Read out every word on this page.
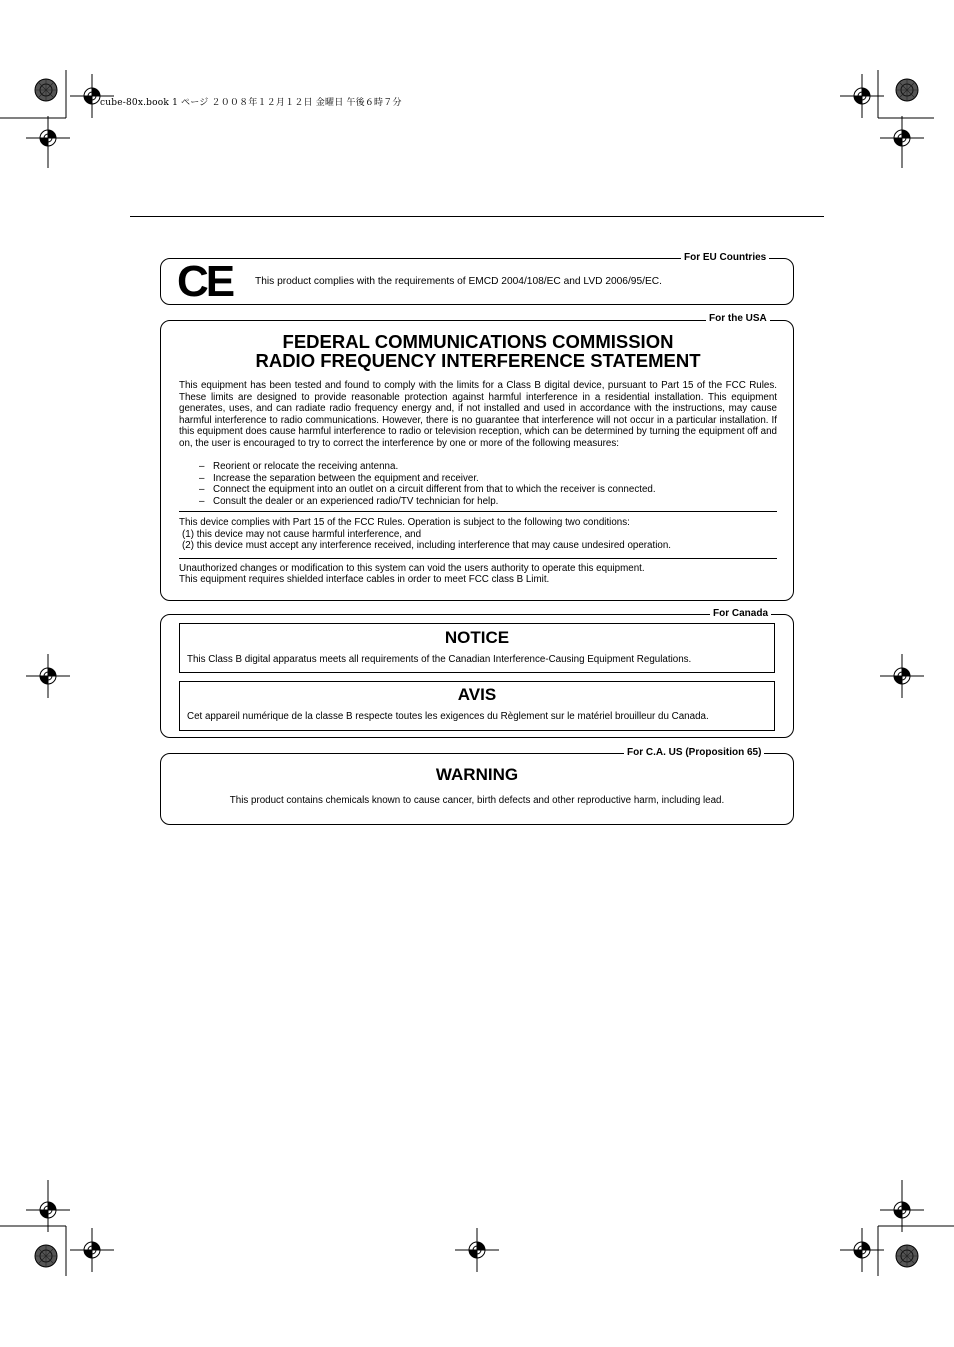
cube-80x.book 1 ページ ２００８年１２月１２日 金曜日 午後６時７分
For EU Countries
CE This product complies with the requirements of EMCD 2004/108/EC and LVD 2006/95/EC.
For the USA
FEDERAL COMMUNICATIONS COMMISSION
RADIO FREQUENCY INTERFERENCE STATEMENT
This equipment has been tested and found to comply with the limits for a Class B digital device, pursuant to Part 15 of the FCC Rules. These limits are designed to provide reasonable protection against harmful interference in a residential installation. This equipment generates, uses, and can radiate radio frequency energy and, if not installed and used in accordance with the instructions, may cause harmful interference to radio communications. However, there is no guarantee that interference will not occur in a particular installation. If this equipment does cause harmful interference to radio or television reception, which can be determined by turning the equipment off and on, the user is encouraged to try to correct the interference by one or more of the following measures:
– Reorient or relocate the receiving antenna.
– Increase the separation between the equipment and receiver.
– Connect the equipment into an outlet on a circuit different from that to which the receiver is connected.
– Consult the dealer or an experienced radio/TV technician for help.
This device complies with Part 15 of the FCC Rules. Operation is subject to the following two conditions:
(1) this device may not cause harmful interference, and
(2) this device must accept any interference received, including interference that may cause undesired operation.
Unauthorized changes or modification to this system can void the users authority to operate this equipment.
This equipment requires shielded interface cables in order to meet FCC class B Limit.
For Canada
NOTICE
This Class B digital apparatus meets all requirements of the Canadian Interference-Causing Equipment Regulations.
AVIS
Cet appareil numérique de la classe B respecte toutes les exigences du Règlement sur le matériel brouilleur du Canada.
For C.A. US (Proposition 65)
WARNING
This product contains chemicals known to cause cancer, birth defects and other reproductive harm, including lead.
